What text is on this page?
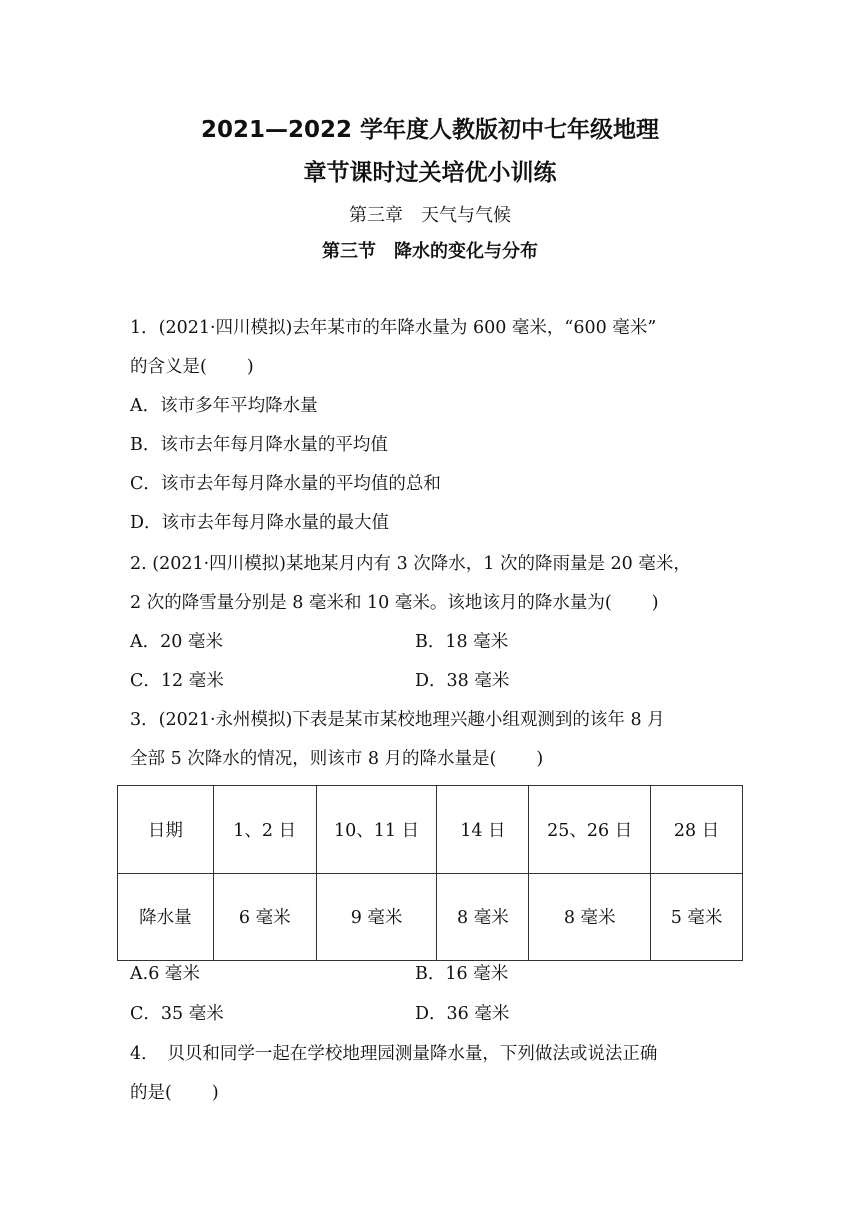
2021—2022 学年度人教版初中七年级地理
章节课时过关培优小训练
第三章　天气与气候
第三节　降水的变化与分布
1．(2021·四川模拟)去年某市的年降水量为 600 毫米，“600 毫米”
的含义是( )
A．该市多年平均降水量
B．该市去年每月降水量的平均值
C．该市去年每月降水量的平均值的总和
D．该市去年每月降水量的最大值
2. (2021·四川模拟)某地某月内有 3 次降水，1 次的降雨量是 20 毫米，
2 次的降雪量分别是 8 毫米和 10 毫米。该地该月的降水量为( )
A．20 毫米	B．18 毫米
C．12 毫米	D．38 毫米
3．(2021·永州模拟)下表是某市某校地理兴趣小组观测到的该年 8 月
全部 5 次降水的情况，则该市 8 月的降水量是( )
日期	1、2 日	10、11 日	14 日	25、26 日	28 日
降水量	6 毫米	9 毫米	8 毫米	8 毫米	5 毫米
A.6 毫米	B．16 毫米
C．35 毫米	D．36 毫米
4．　贝贝和同学一起在学校地理园测量降水量，下列做法或说法正确
的是( )
